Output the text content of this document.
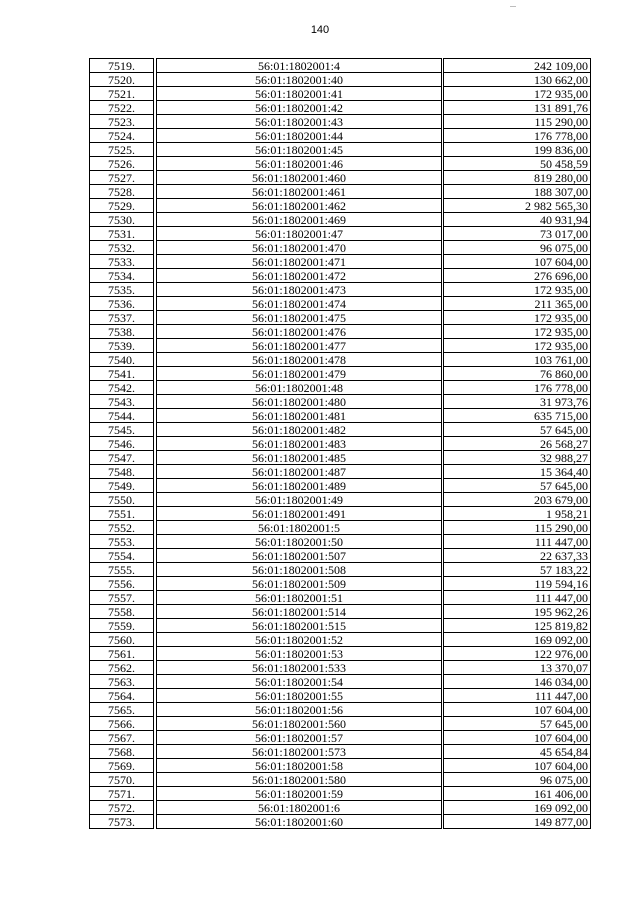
140
7519.		56:01:1802001:4		242 109,00
7520.		56:01:1802001:40		130 662,00
7521.		56:01:1802001:41		172 935,00
7522.		56:01:1802001:42		131 891,76
7523.		56:01:1802001:43		115 290,00
7524.		56:01:1802001:44		176 778,00
7525.		56:01:1802001:45		199 836,00
7526.		56:01:1802001:46		50 458,59
7527.		56:01:1802001:460		819 280,00
7528.		56:01:1802001:461		188 307,00
7529.		56:01:1802001:462		2 982 565,30
7530.		56:01:1802001:469		40 931,94
7531.		56:01:1802001:47		73 017,00
7532.		56:01:1802001:470		96 075,00
7533.		56:01:1802001:471		107 604,00
7534.		56:01:1802001:472		276 696,00
7535.		56:01:1802001:473		172 935,00
7536.		56:01:1802001:474		211 365,00
7537.		56:01:1802001:475		172 935,00
7538.		56:01:1802001:476		172 935,00
7539.		56:01:1802001:477		172 935,00
7540.		56:01:1802001:478		103 761,00
7541.		56:01:1802001:479		76 860,00
7542.		56:01:1802001:48		176 778,00
7543.		56:01:1802001:480		31 973,76
7544.		56:01:1802001:481		635 715,00
7545.		56:01:1802001:482		57 645,00
7546.		56:01:1802001:483		26 568,27
7547.		56:01:1802001:485		32 988,27
7548.		56:01:1802001:487		15 364,40
7549.		56:01:1802001:489		57 645,00
7550.		56:01:1802001:49		203 679,00
7551.		56:01:1802001:491		1 958,21
7552.		56:01:1802001:5		115 290,00
7553.		56:01:1802001:50		111 447,00
7554.		56:01:1802001:507		22 637,33
7555.		56:01:1802001:508		57 183,22
7556.		56:01:1802001:509		119 594,16
7557.		56:01:1802001:51		111 447,00
7558.		56:01:1802001:514		195 962,26
7559.		56:01:1802001:515		125 819,82
7560.		56:01:1802001:52		169 092,00
7561.		56:01:1802001:53		122 976,00
7562.		56:01:1802001:533		13 370,07
7563.		56:01:1802001:54		146 034,00
7564.		56:01:1802001:55		111 447,00
7565.		56:01:1802001:56		107 604,00
7566.		56:01:1802001:560		57 645,00
7567.		56:01:1802001:57		107 604,00
7568.		56:01:1802001:573		45 654,84
7569.		56:01:1802001:58		107 604,00
7570.		56:01:1802001:580		96 075,00
7571.		56:01:1802001:59		161 406,00
7572.		56:01:1802001:6		169 092,00
7573.		56:01:1802001:60		149 877,00
